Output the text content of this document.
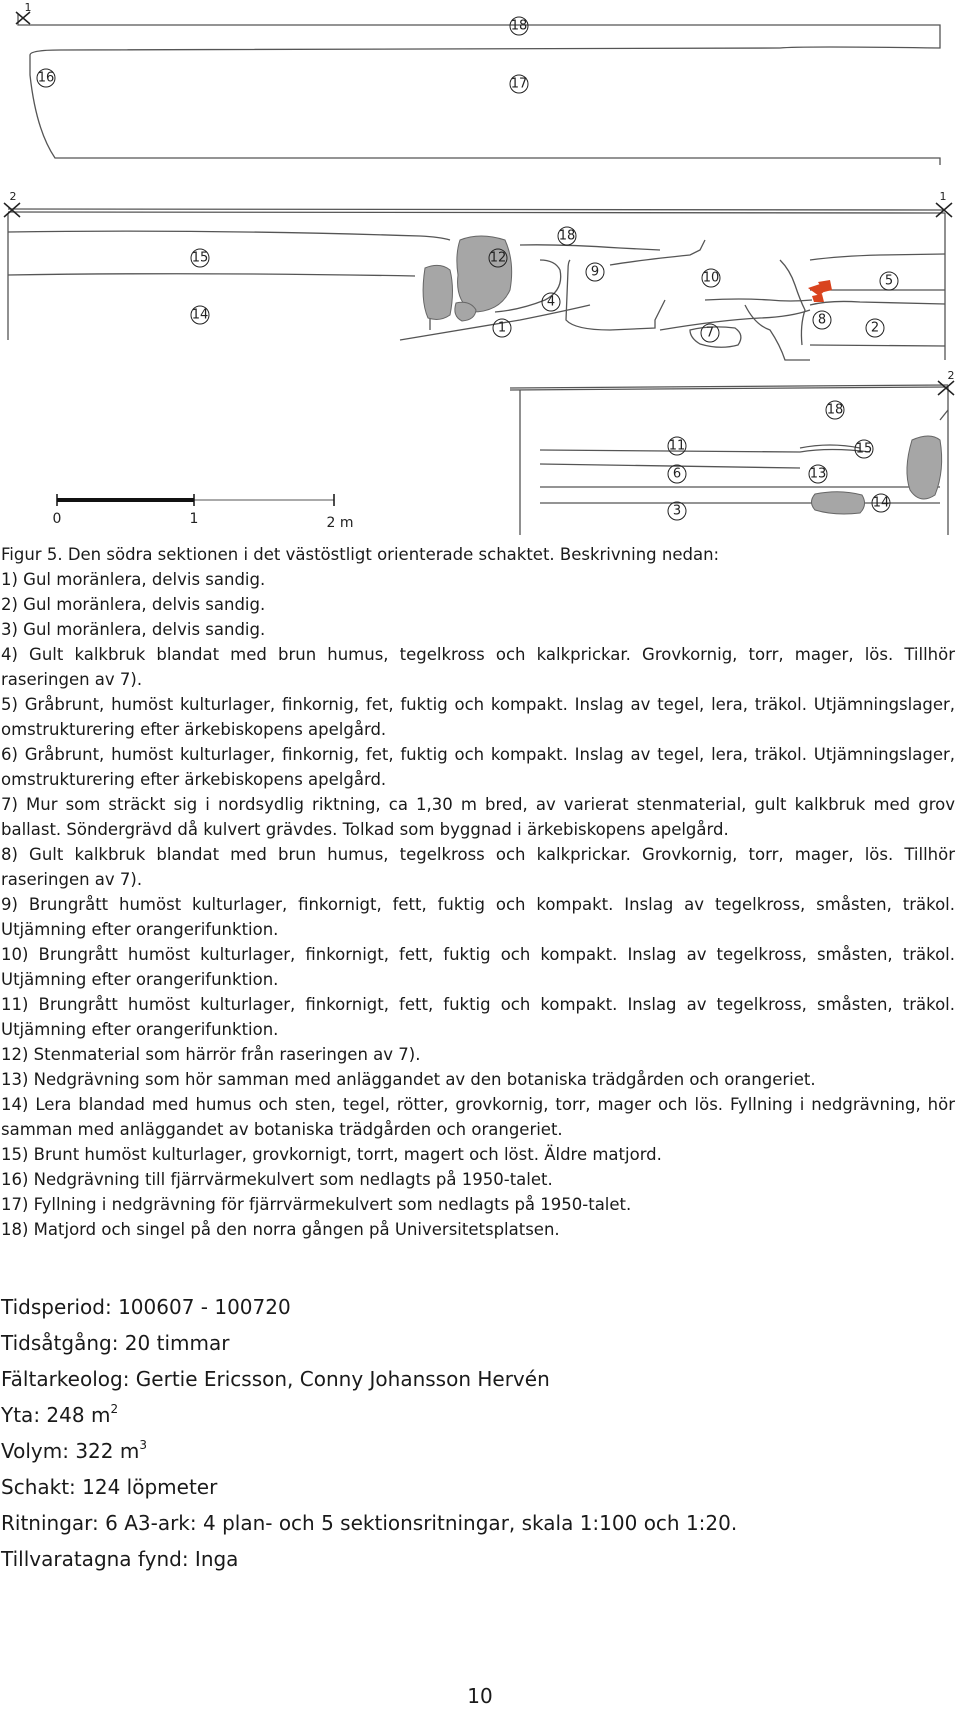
0	1	2 m
1
2	1
2
18
16	17
18
15	12
9	10	5
14
4
1	7
8
2
18
11	15
6	13
3
14

Figur 5. Den södra sektionen i det västöstligt orienterade schaktet. Beskrivning nedan:

1) Gul moränlera, delvis sandig.

2) Gul moränlera, delvis sandig.

3) Gul moränlera, delvis sandig.

4) Gult kalkbruk blandat med brun humus, tegelkross och kalkprickar. Grovkornig, torr, mager, lös. Tillhör raseringen av 7).

5) Gråbrunt, humöst kulturlager, finkornig, fet, fuktig och kompakt. Inslag av tegel, lera, träkol. Utjämningslager, omstrukturering efter ärkebiskopens apelgård.

6) Gråbrunt, humöst kulturlager, finkornig, fet, fuktig och kompakt. Inslag av tegel, lera, träkol. Utjämningslager, omstrukturering efter ärkebiskopens apelgård.

7) Mur som sträckt sig i nordsydlig riktning, ca 1,30 m bred, av varierat stenmaterial, gult kalkbruk med grov ballast. Söndergrävd då kulvert grävdes. Tolkad som byggnad i ärkebiskopens apelgård.

8) Gult kalkbruk blandat med brun humus, tegelkross och kalkprickar. Grovkornig, torr, mager, lös. Tillhör raseringen av 7).

9) Brungrått humöst kulturlager, finkornigt, fett, fuktig och kompakt. Inslag av tegelkross, småsten, träkol. Utjämning efter orangerifunktion.

10) Brungrått humöst kulturlager, finkornigt, fett, fuktig och kompakt. Inslag av tegelkross, småsten, träkol. Utjämning efter orangerifunktion.

11) Brungrått humöst kulturlager, finkornigt, fett, fuktig och kompakt. Inslag av tegelkross, småsten, träkol. Utjämning efter orangerifunktion.

12) Stenmaterial som härrör från raseringen av 7).

13) Nedgrävning som hör samman med anläggandet av den botaniska trädgården och orangeriet.

14) Lera blandad med humus och sten, tegel, rötter, grovkornig, torr, mager och lös. Fyllning i nedgrävning, hör samman med anläggandet av botaniska trädgården och orangeriet.

15) Brunt humöst kulturlager, grovkornigt, torrt, magert och löst. Äldre matjord.

16) Nedgrävning till fjärrvärmekulvert som nedlagts på 1950-talet.

17) Fyllning i nedgrävning för fjärrvärmekulvert som nedlagts på 1950-talet.

18) Matjord och singel på den norra gången på Universitetsplatsen.

Tidsperiod: 100607 - 100720

Tidsåtgång: 20 timmar

Fältarkeolog: Gertie Ericsson, Conny Johansson Hervén

Yta: 248 $m^2$

Volym: 322 $m^3$

Schakt: 124 löpmeter

Ritningar: 6 A3-ark: 4 plan- och 5 sektionsritningar, skala 1:100 och 1:20.

Tillvaratagna fynd: Inga

10
